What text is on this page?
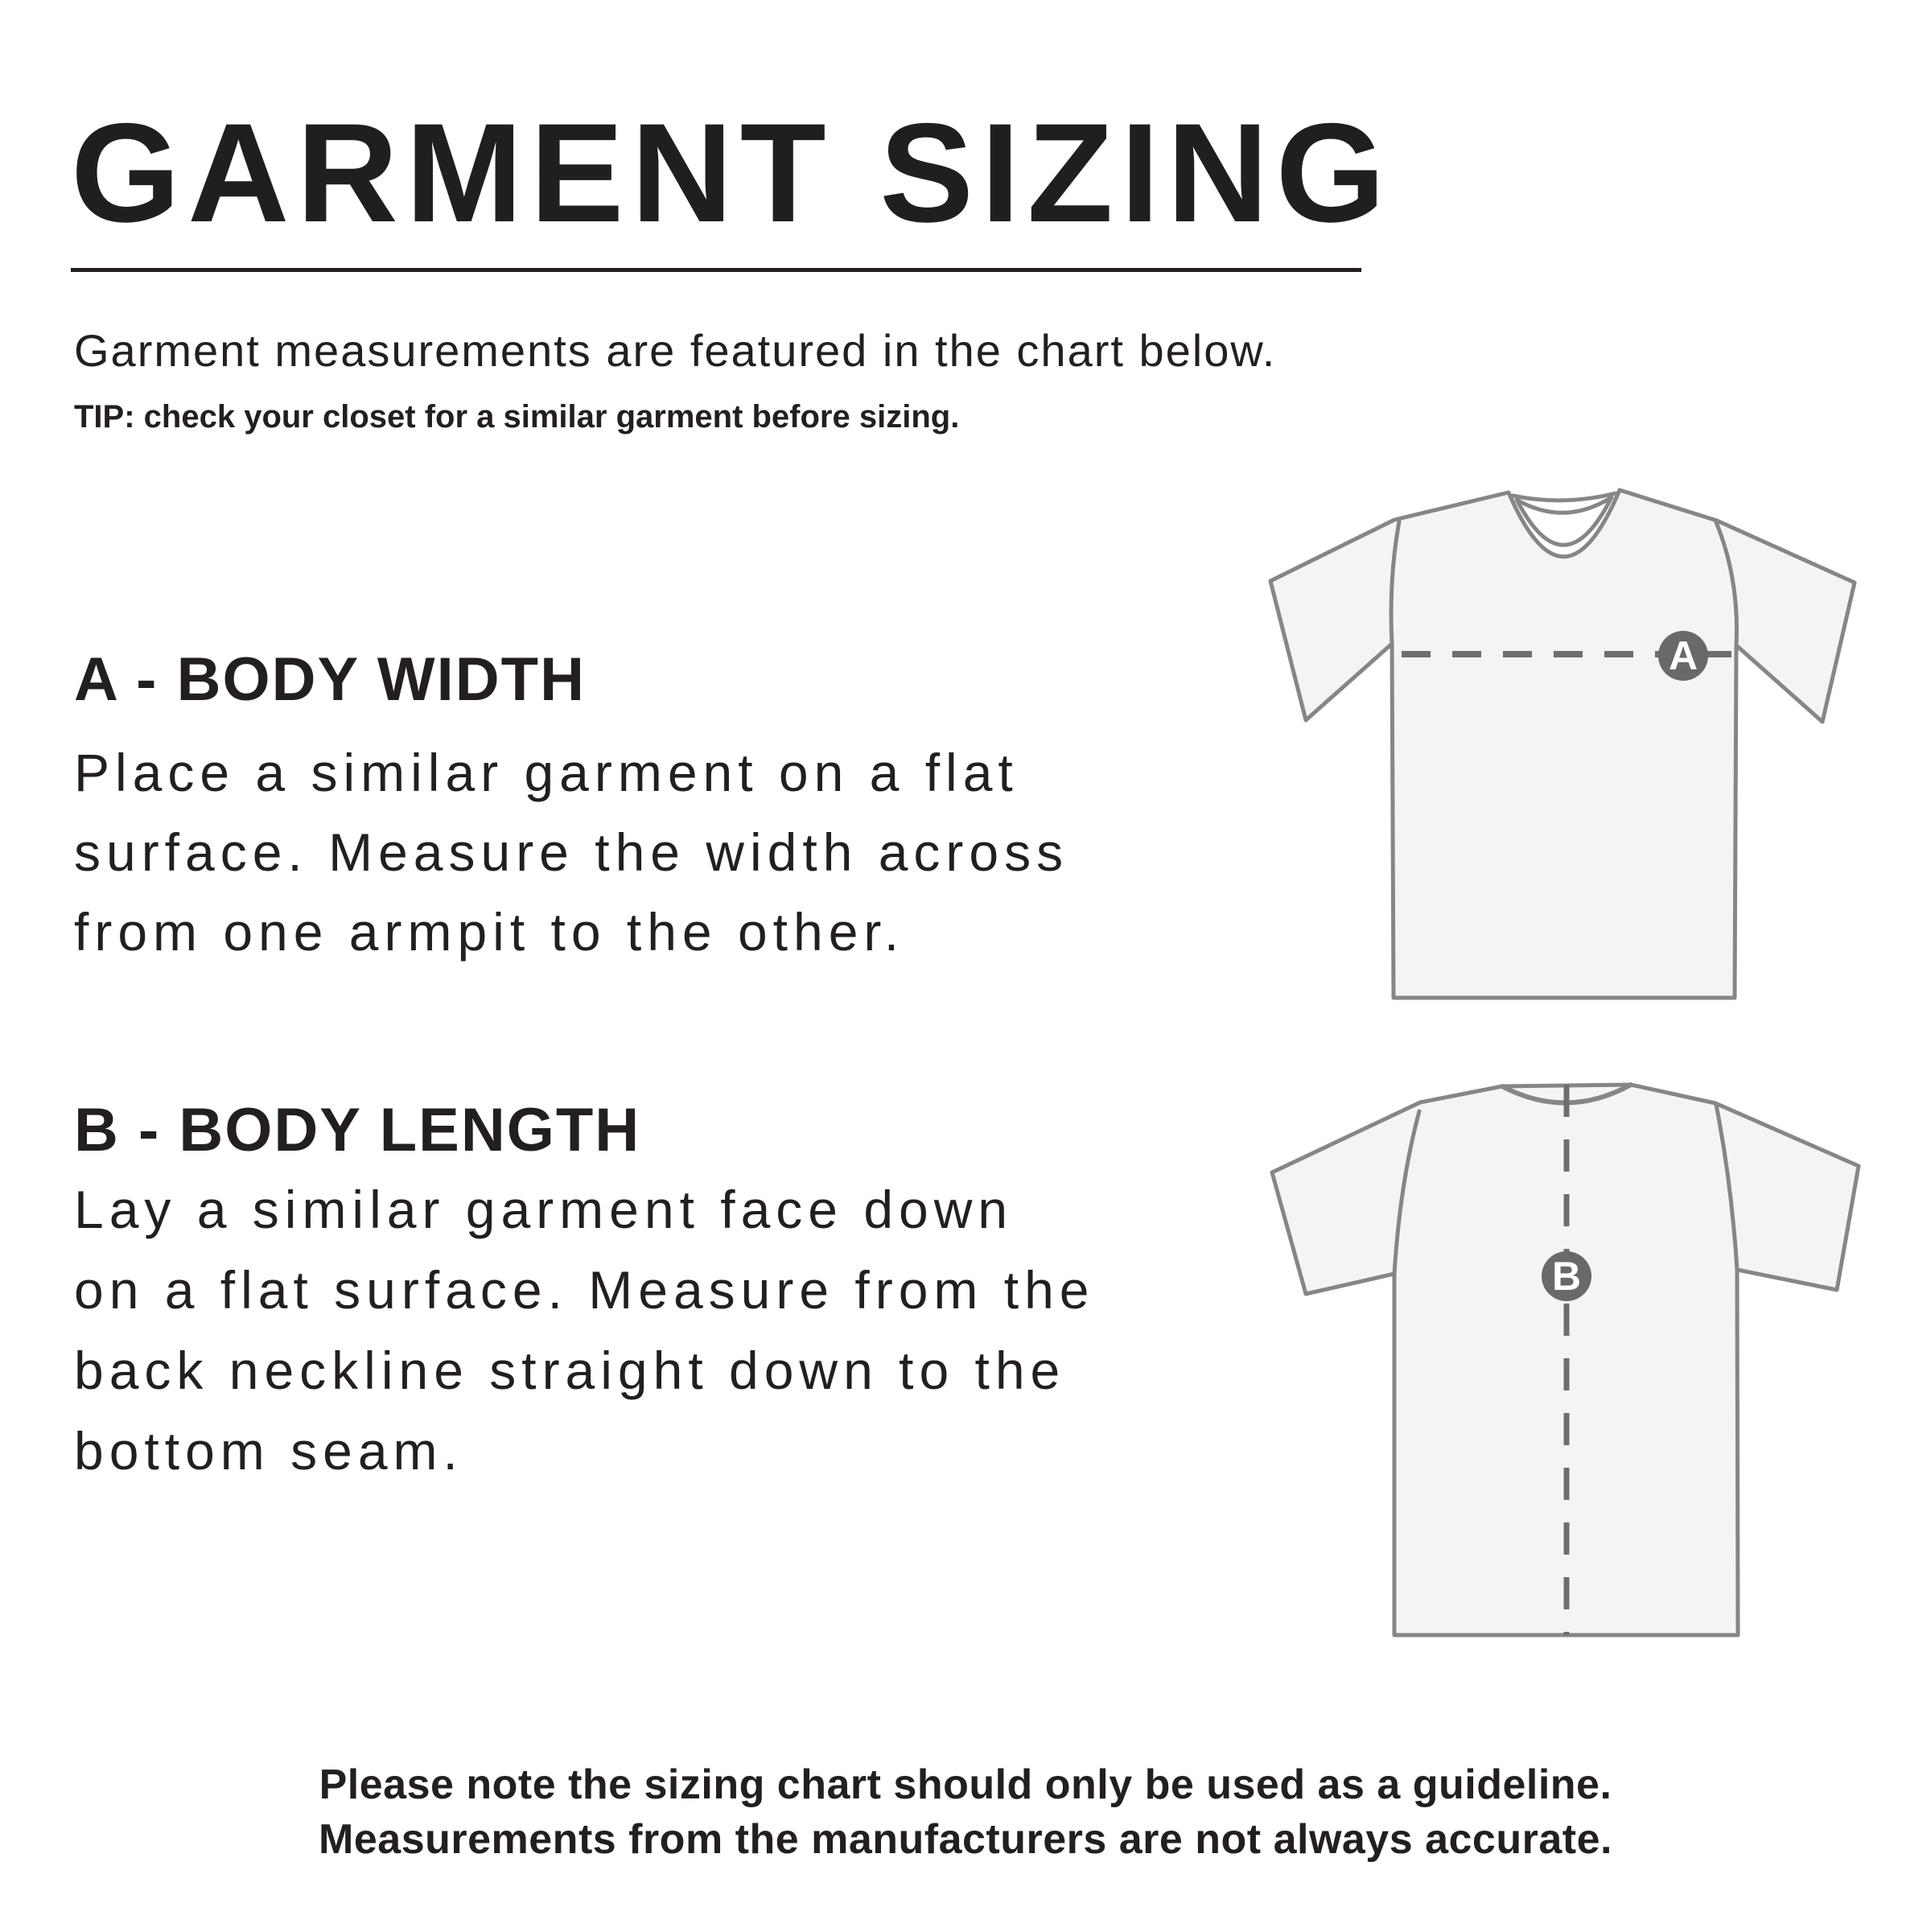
GARMENT SIZING
Garment measurements are featured in the chart below.
TIP: check your closet for a similar garment before sizing.
A - BODY WIDTH
Place a similar garment on a flat
surface. Measure the width across
from one armpit to the other.
B - BODY LENGTH
Lay a similar garment face down
on a flat surface. Measure from the
back neckline straight down to the
bottom seam.
A
B
Please note the sizing chart should only be used as a guideline.
Measurements from the manufacturers are not always accurate.
